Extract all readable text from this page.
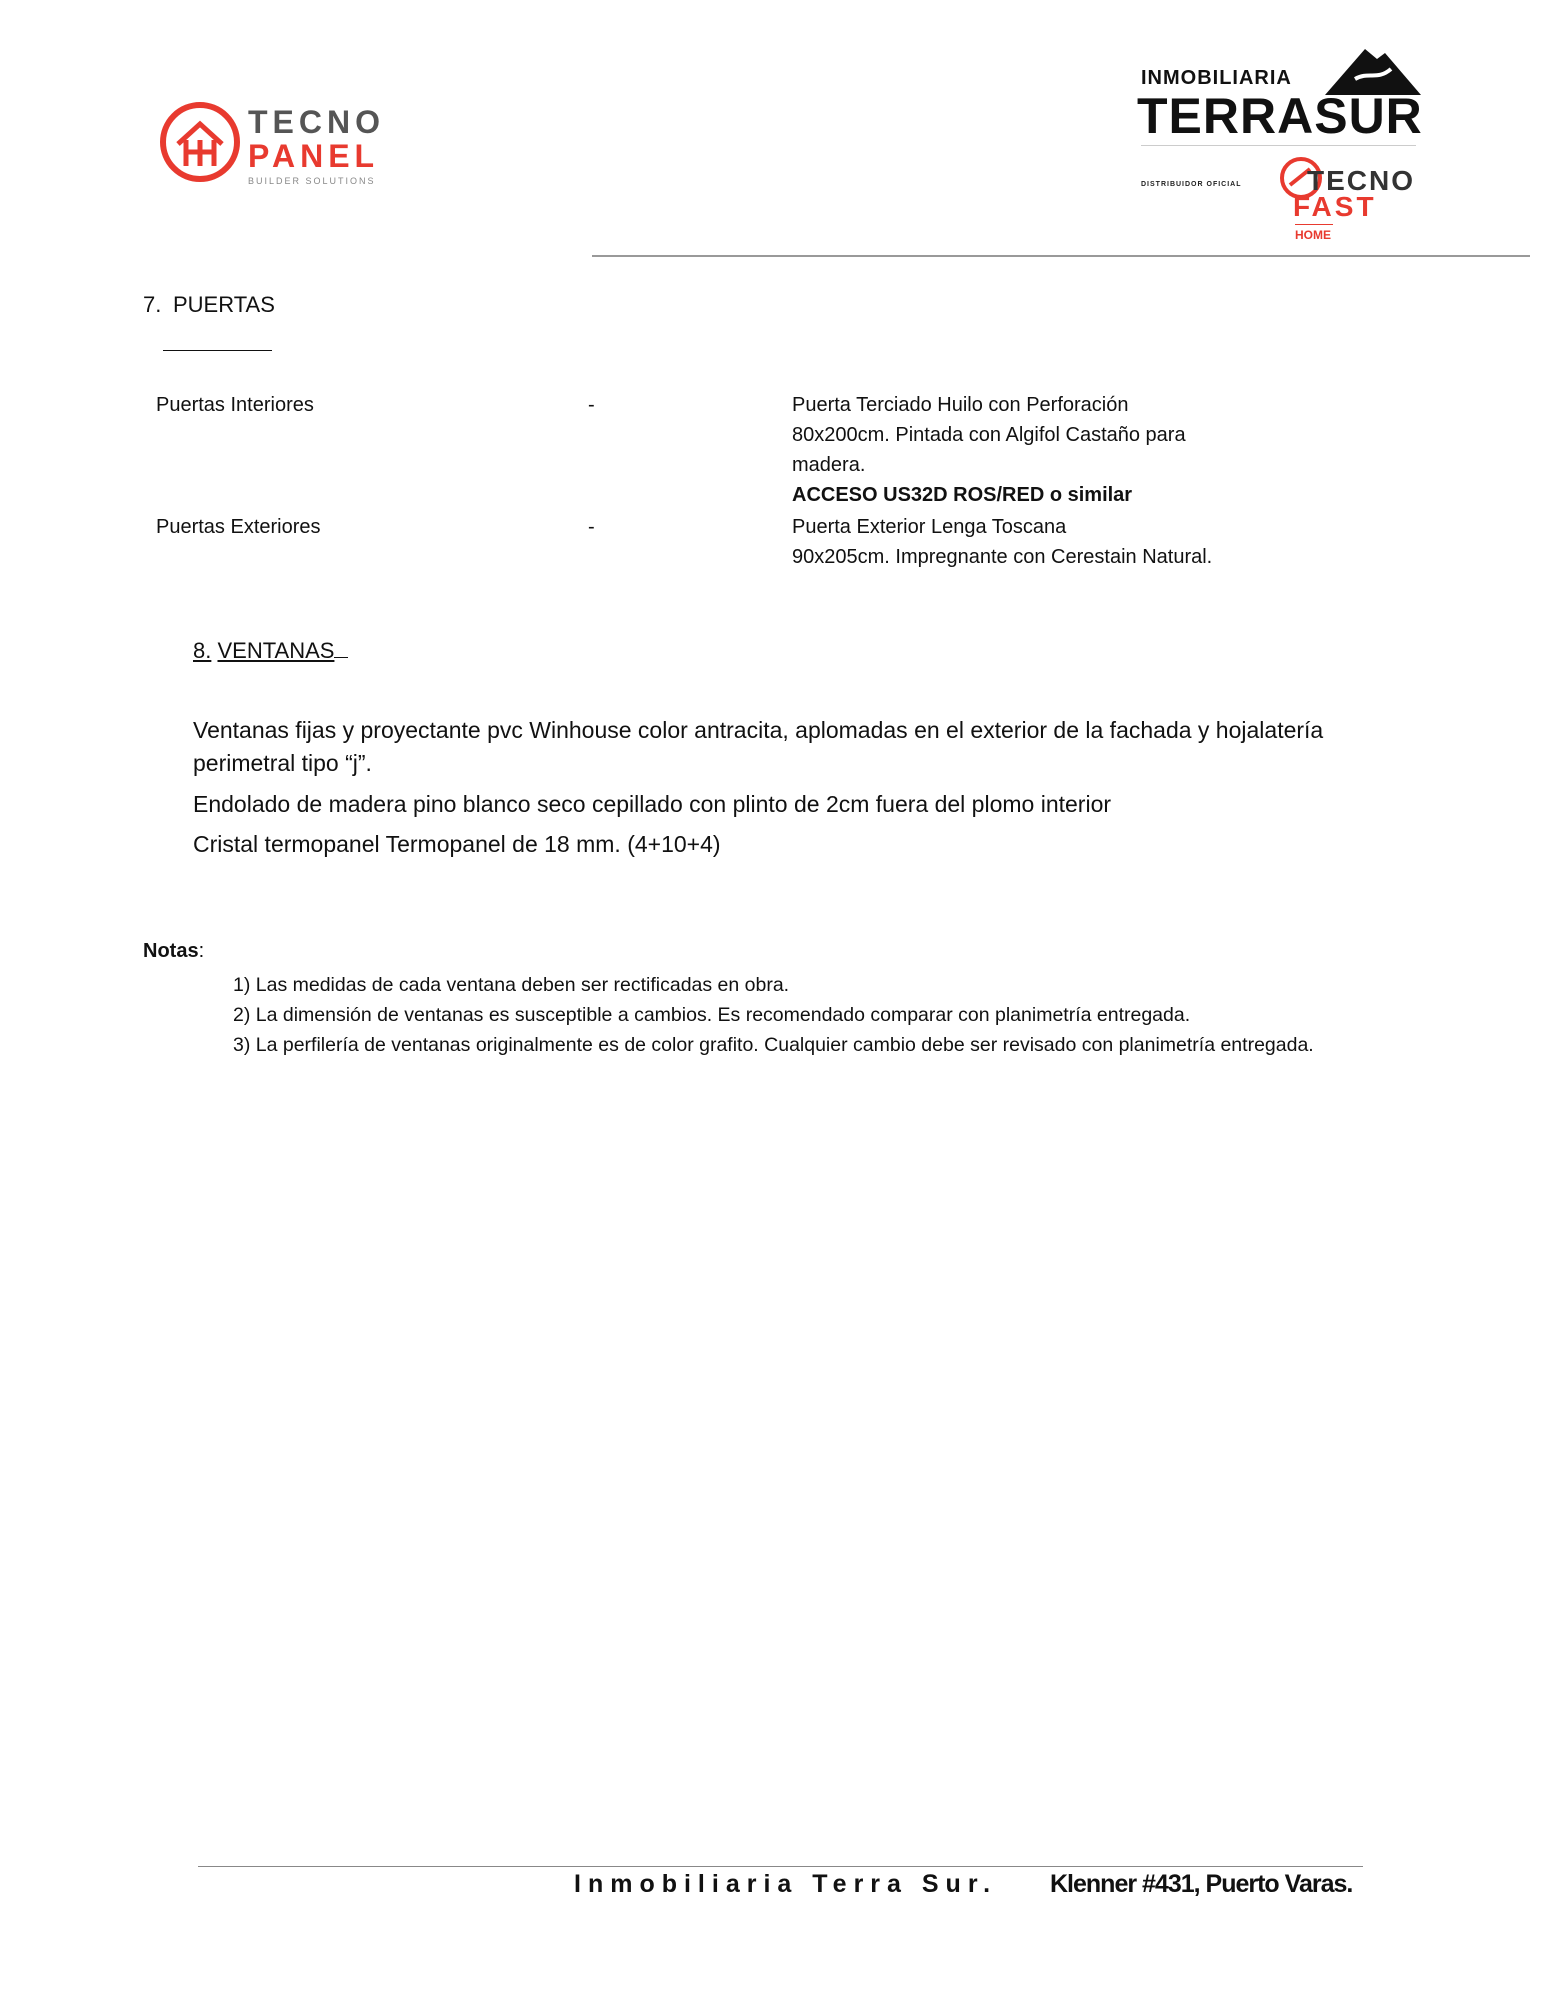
TECNO
PANEL
BUILDER SOLUTIONS
INMOBILIARIA
TERRASUR
DISTRIBUIDOR OFICIAL TECNO
FAST
HOME
7. PUERTAS
Puertas Interiores	-	Puerta Terciado Huilo con Perforación
80x200cm. Pintada con Algifol Castaño para
madera.
ACCESO US32D ROS/RED o similar
Puertas Exteriores	-	Puerta Exterior Lenga Toscana
90x205cm. Impregnante con Cerestain Natural.
8. VENTANAS
Ventanas fijas y proyectante pvc Winhouse color antracita, aplomadas en el exterior de la fachada y hojalatería perimetral tipo “j”.
Endolado de madera pino blanco seco cepillado con plinto de 2cm fuera del plomo interior
Cristal termopanel Termopanel de 18 mm. (4+10+4)
Notas:
1) Las medidas de cada ventana deben ser rectificadas en obra.
2) La dimensión de ventanas es susceptible a cambios. Es recomendado comparar con planimetría entregada.
3) La perfilería de ventanas originalmente es de color grafito. Cualquier cambio debe ser revisado con planimetría entregada.
Inmobiliaria Terra Sur. Klenner #431, Puerto Varas.
